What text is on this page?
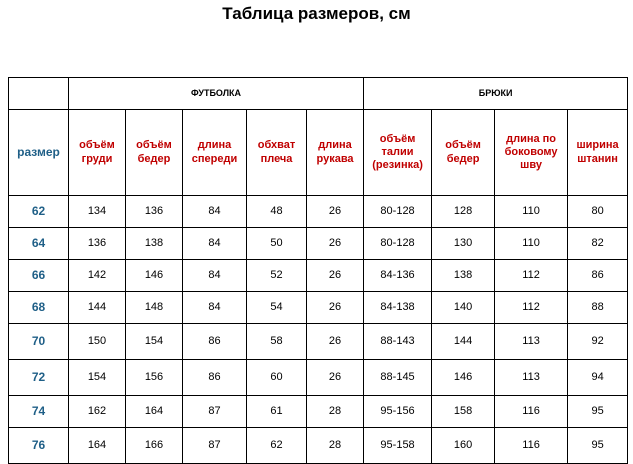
Таблица размеров, см
	ФУТБОЛКА					БРЮКИ			
размер	объём груди	объём бедер	длина спереди	обхват плеча	длина рукава	объём талии (резинка)	объём бедер	длина по боковому шву	ширина штанин
62	134	136	84	48	26	80-128	128	110	80
64	136	138	84	50	26	80-128	130	110	82
66	142	146	84	52	26	84-136	138	112	86
68	144	148	84	54	26	84-138	140	112	88
70	150	154	86	58	26	88-143	144	113	92
72	154	156	86	60	26	88-145	146	113	94
74	162	164	87	61	28	95-156	158	116	95
76	164	166	87	62	28	95-158	160	116	95
